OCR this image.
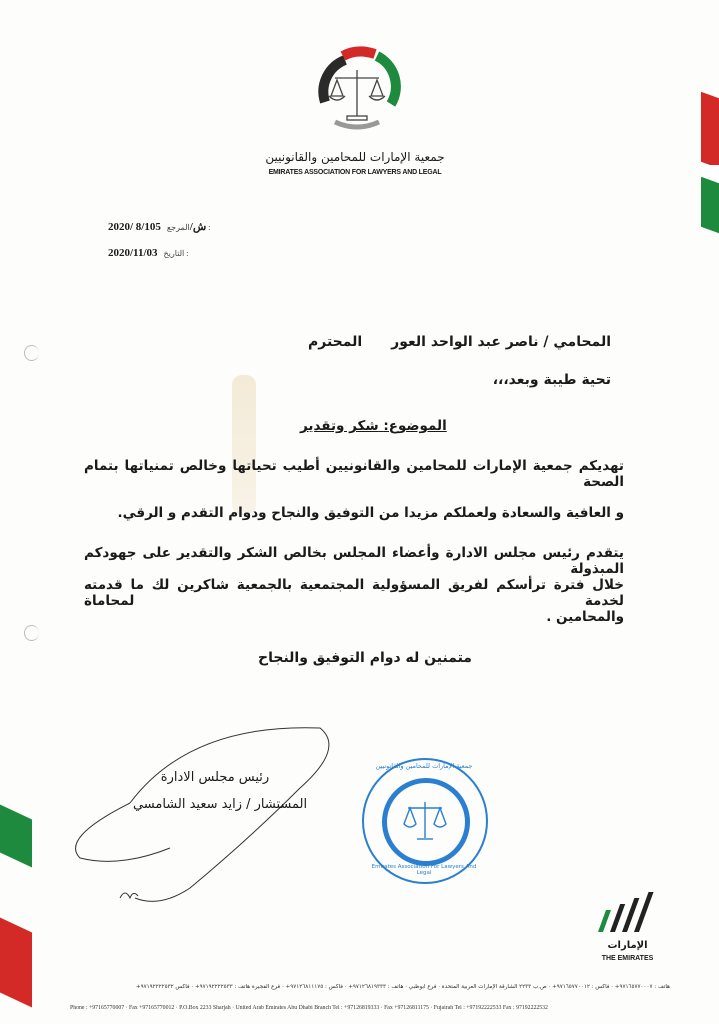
جمعية الإمارات للمحامين والقانونيين
EMIRATES ASSOCIATION FOR LAWYERS AND LEGAL
2020/ 8/105ش/المرجع :
2020/11/03 التاريخ :
المحامي / ناصر عبد الواحد العور
المحترم
تحية طيبة وبعد،،،
الموضوع: شكر وتقدير
تهديكم جمعية الإمارات للمحامين والقانونيين أطيب تحياتها وخالص تمنياتها بتمام الصحة
و العافية والسعادة ولعملكم مزيدا من التوفيق والنجاح ودوام التقدم و الرقي.
يتقدم رئيس مجلس الادارة وأعضاء المجلس بخالص الشكر والتقدير على جهودكم المبذولة
خلال فترة ترأسكم لفريق المسؤولية المجتمعية بالجمعية شاكرين لك ما قدمته لخدمة لمحاماة
والمحامين .
متمنين له دوام التوفيق والنجاح
رئيس مجلس الادارة
المستشار / زايد سعيد الشامسي
جمعية الإمارات للمحامين والقانونيين
Emirates Association For Lawyers And Legal
الإمارات
THE EMIRATES
هاتف : ٩٧١٦٥٧٧٠٠٠٧+ · فاكس : ٩٧١٦٥٧٧٠٠١٢+ · ص.ب ٢٢٣٣ الشارقة الإمارات العربية المتحدة · فرع أبوظبي · هاتف : ٩٧١٢٦٨١٩٣٣٣+ · فاكس : ٩٧١٢٦٨١١١٧٥+ · فرع الفجيرة هاتف : ٩٧١٩٢٢٢٢٥٣٣+ · فاكس ٩٧١٩٢٢٢٢٥٣٢+
Phone : +97165770007 · Fax +97165770012 · P.O.Box 2233 Sharjah · United Arab Emirates Abu Dhabi Branch Tel : +97126819333 · Fax +97126811175 · Fujairah Tel : +97192222533 Fax : 97192222532
